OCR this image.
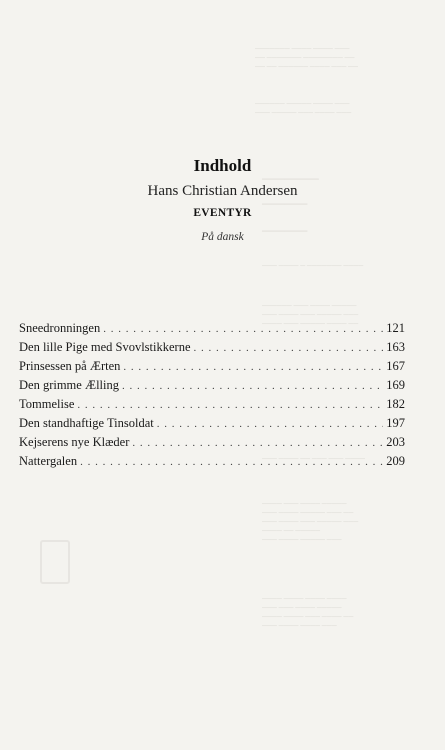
─────── ──── ──── ───
── ─────── ──────── ──
── ── ────── ──── ─── ──
────── ───── ──── ───
─── ───── ─── ──── ───
─────
────
────
─── ──── ─ ─────── ────
────── ─── ──── ─────
─── ──── ─── ───── ───
──── ─── ───── ──── ──
─── ──── ── ─── ─── ────
──── ─── ──── ─────
─── ──── ───── ─── ──
─── ──── ─── ───── ───
──── ── ─────
─── ──── ───── ───
──── ──── ──── ────
─── ─── ──── ─────
──── ──── ─── ──── ──
─── ──── ──── ───
Indhold
Hans Christian Andersen
EVENTYR
På dansk
Sneedronningen . . .	121
Den lille Pige med Svovlstikkerne . . .	163
Prinsessen på Ærten . . .	167
Den grimme Ælling . . .	169
Tommelise . . .	182
Den standhaftige Tinsoldat . . .	197
Kejserens nye Klæder . . .	203
Nattergalen . . .	209
